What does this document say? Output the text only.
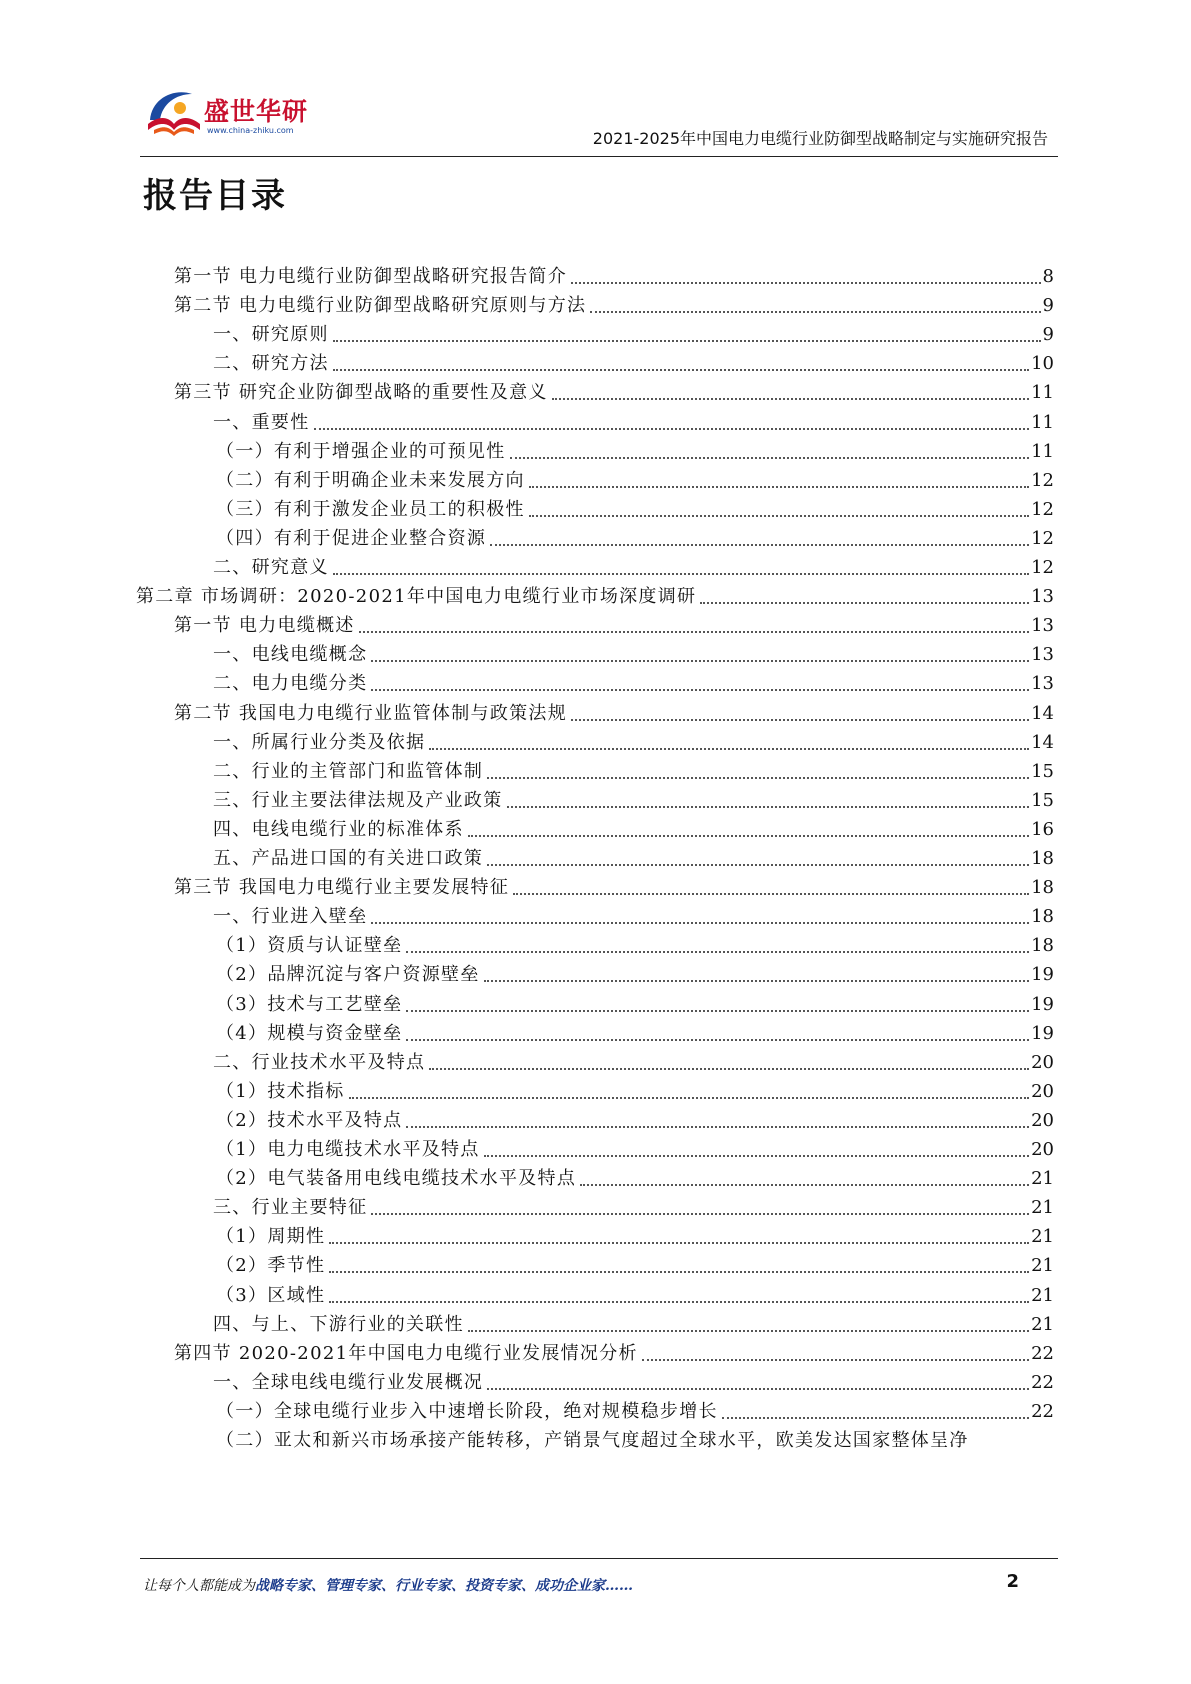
盛世华研
www.china-zhiku.com	2021-2025年中国电力电缆行业防御型战略制定与实施研究报告
报告目录
第一节 电力电缆行业防御型战略研究报告简介	8
第二节 电力电缆行业防御型战略研究原则与方法	9
一、研究原则	9
二、研究方法	10
第三节 研究企业防御型战略的重要性及意义	11
一、重要性	11
（一）有利于增强企业的可预见性	11
（二）有利于明确企业未来发展方向	12
（三）有利于激发企业员工的积极性	12
（四）有利于促进企业整合资源	12
二、研究意义	12
第二章 市场调研：2020-2021年中国电力电缆行业市场深度调研	13
第一节 电力电缆概述	13
一、电线电缆概念	13
二、电力电缆分类	13
第二节 我国电力电缆行业监管体制与政策法规	14
一、所属行业分类及依据	14
二、行业的主管部门和监管体制	15
三、行业主要法律法规及产业政策	15
四、电线电缆行业的标准体系	16
五、产品进口国的有关进口政策	18
第三节 我国电力电缆行业主要发展特征	18
一、行业进入壁垒	18
（1）资质与认证壁垒	18
（2）品牌沉淀与客户资源壁垒	19
（3）技术与工艺壁垒	19
（4）规模与资金壁垒	19
二、行业技术水平及特点	20
（1）技术指标	20
（2）技术水平及特点	20
（1）电力电缆技术水平及特点	20
（2）电气装备用电线电缆技术水平及特点	21
三、行业主要特征	21
（1）周期性	21
（2）季节性	21
（3）区域性	21
四、与上、下游行业的关联性	21
第四节 2020-2021年中国电力电缆行业发展情况分析	22
一、全球电线电缆行业发展概况	22
（一）全球电缆行业步入中速增长阶段，绝对规模稳步增长	22
（二）亚太和新兴市场承接产能转移，产销景气度超过全球水平，欧美发达国家整体呈净
让每个人都能成为战略专家、管理专家、行业专家、投资专家、成功企业家……	2
